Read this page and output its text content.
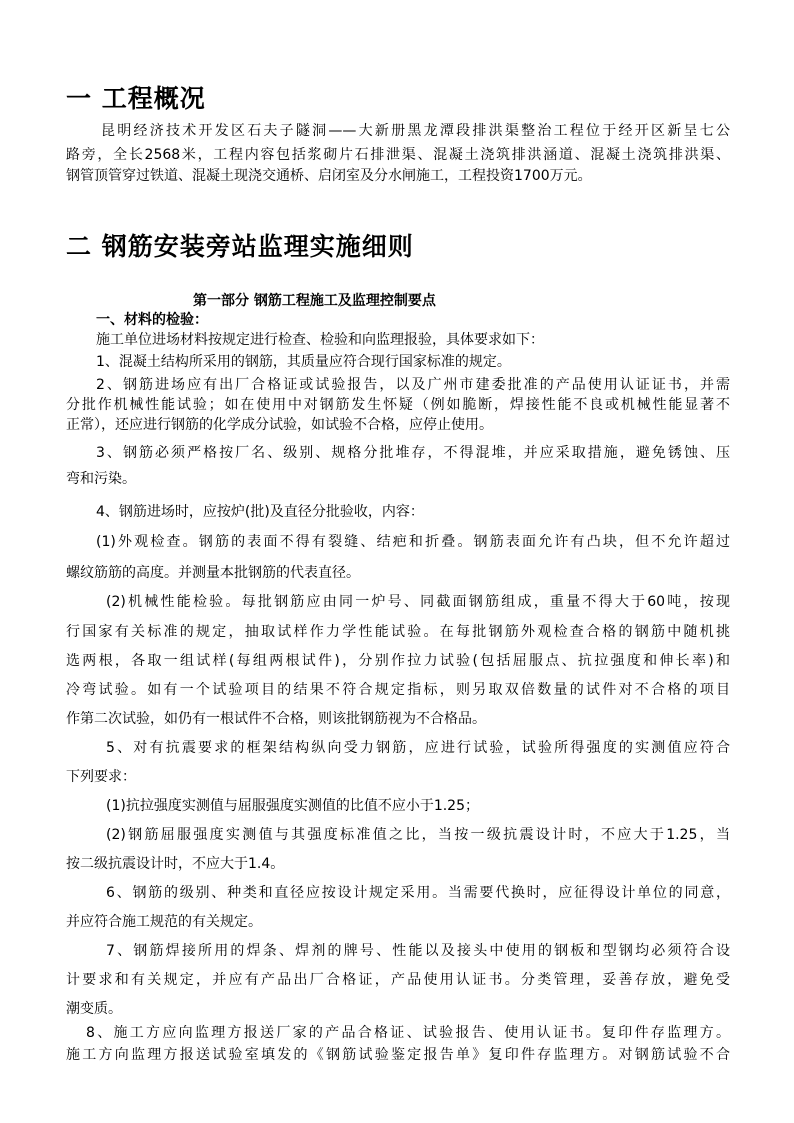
一 工程概况
昆明经济技术开发区石夫子隧洞——大新册黑龙潭段排洪渠整治工程位于经开区新呈七公
路旁，全长2568米，工程内容包括浆砌片石排泄渠、混凝土浇筑排洪涵道、混凝土浇筑排洪渠、
钢管顶管穿过铁道、混凝土现浇交通桥、启闭室及分水闸施工，工程投资1700万元。
二 钢筋安装旁站监理实施细则
第一部分 钢筋工程施工及监理控制要点
一、材料的检验：
施工单位进场材料按规定进行检查、检验和向监理报验，具体要求如下：
1、混凝土结构所采用的钢筋，其质量应符合现行国家标准的规定。
2、钢筋进场应有出厂合格证或试验报告，以及广州市建委批准的产品使用认证证书，并需
分批作机械性能试验；如在使用中对钢筋发生怀疑（例如脆断，焊接性能不良或机械性能显著不
正常），还应进行钢筋的化学成分试验，如试验不合格，应停止使用。
3、钢筋必须严格按厂名、级别、规格分批堆存，不得混堆，并应采取措施，避免锈蚀、压
弯和污染。
4、钢筋进场时，应按炉(批)及直径分批验收，内容：
(1)外观检查。钢筋的表面不得有裂缝、结疤和折叠。钢筋表面允许有凸块，但不允许超过
螺纹筋筋的高度。并测量本批钢筋的代表直径。
(2)机械性能检验。每批钢筋应由同一炉号、同截面钢筋组成，重量不得大于60吨，按现
行国家有关标准的规定，抽取试样作力学性能试验。在每批钢筋外观检查合格的钢筋中随机挑
选两根，各取一组试样(每组两根试件)，分别作拉力试验(包括屈服点、抗拉强度和伸长率)和
冷弯试验。如有一个试验项目的结果不符合规定指标，则另取双倍数量的试件对不合格的项目
作第二次试验，如仍有一根试件不合格，则该批钢筋视为不合格品。
5、对有抗震要求的框架结构纵向受力钢筋，应进行试验，试验所得强度的实测值应符合
下列要求：
(1)抗拉强度实测值与屈服强度实测值的比值不应小于1.25；
(2)钢筋屈服强度实测值与其强度标准值之比，当按一级抗震设计时，不应大于1.25，当
按二级抗震设计时，不应大于1.4。
6、钢筋的级别、种类和直径应按设计规定采用。当需要代换时，应征得设计单位的同意，
并应符合施工规范的有关规定。
7、钢筋焊接所用的焊条、焊剂的牌号、性能以及接头中使用的钢板和型钢均必须符合设
计要求和有关规定，并应有产品出厂合格证，产品使用认证书。分类管理，妥善存放，避免受
潮变质。
8、施工方应向监理方报送厂家的产品合格证、试验报告、使用认证书。复印件存监理方。
施工方向监理方报送试验室填发的《钢筋试验鉴定报告单》复印件存监理方。对钢筋试验不合
